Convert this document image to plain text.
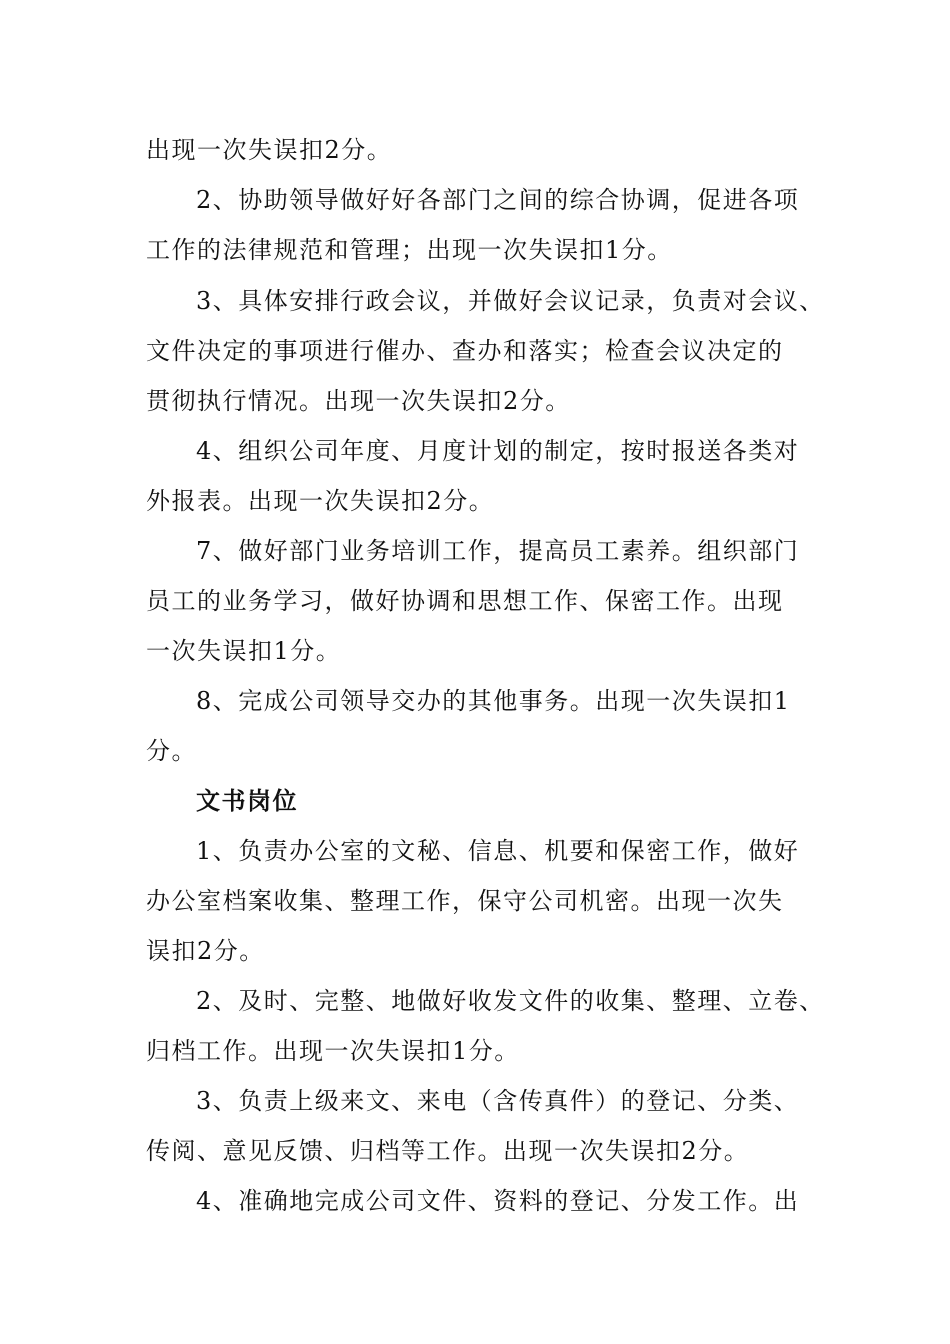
出现一次失误扣2分。
2、协助领导做好好各部门之间的综合协调，促进各项
工作的法律规范和管理；出现一次失误扣1分。
3、具体安排行政会议，并做好会议记录，负责对会议、
文件决定的事项进行催办、查办和落实；检查会议决定的
贯彻执行情况。出现一次失误扣2分。
4、组织公司年度、月度计划的制定，按时报送各类对
外报表。出现一次失误扣2分。
7、做好部门业务培训工作，提高员工素养。组织部门
员工的业务学习，做好协调和思想工作、保密工作。出现
一次失误扣1分。
8、完成公司领导交办的其他事务。出现一次失误扣1
分。
文书岗位
1、负责办公室的文秘、信息、机要和保密工作，做好
办公室档案收集、整理工作，保守公司机密。出现一次失
误扣2分。
2、及时、完整、地做好收发文件的收集、整理、立卷、
归档工作。出现一次失误扣1分。
3、负责上级来文、来电（含传真件）的登记、分类、
传阅、意见反馈、归档等工作。出现一次失误扣2分。
4、准确地完成公司文件、资料的登记、分发工作。出
